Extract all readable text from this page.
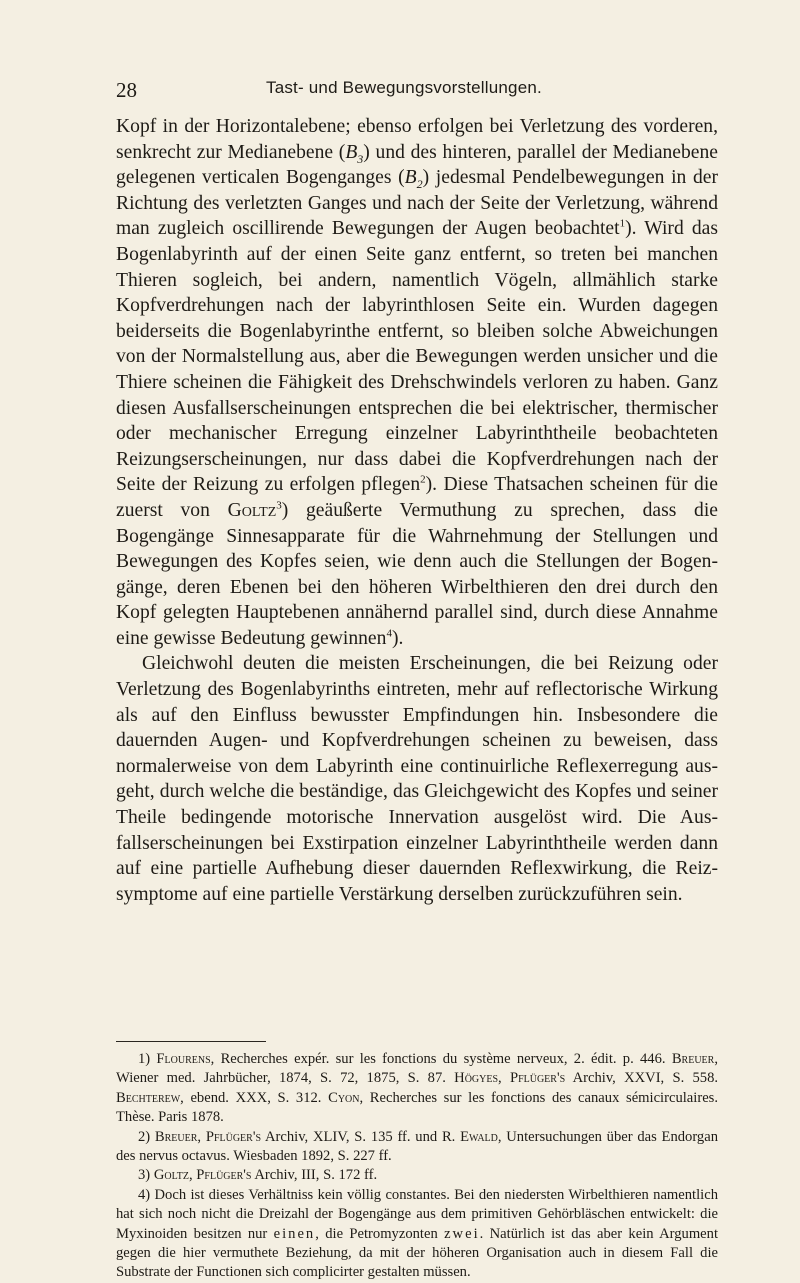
28	Tast- und Bewegungsvorstellungen.

Kopf in der Horizontalebene; ebenso erfolgen bei Verletzung des vorderen, senkrecht zur Medianebene $(B_3)$ und des hinteren, parallel der Medianebene gelegenen verticalen Bogenganges $(B_2)$ jedesmal Pendelbewegungen in der Richtung des verletzten Ganges und nach der Seite der Verletzung, während man zugleich oscillirende Bewegungen der Augen beobachtet$^1$). Wird das Bogenlabyrinth auf der einen Seite ganz entfernt, so treten bei manchen Thieren sogleich, bei andern, namentlich Vögeln, allmählich starke Kopfverdrehungen nach der labyrinthlosen Seite ein. Wurden dagegen beiderseits die Bogenlabyrinthe entfernt, so bleiben solche Abweichungen von der Normalstellung aus, aber die Bewegungen werden unsicher und die Thiere scheinen die Fähigkeit des Drehschwindels verloren zu haben. Ganz diesen Ausfallserscheinungen entsprechen die bei elektrischer, thermischer oder mechanischer Erregung einzelner Labyrinththeile beobachteten Reizungserscheinungen, nur dass dabei die Kopfverdrehungen nach der Seite der Reizung zu erfolgen pflegen$^2$). Diese Thatsachen scheinen für die zuerst von Goltz$^3$) geäußerte Vermuthung zu sprechen, dass die Bogengänge Sinnesapparate für die Wahrnehmung der Stellungen und Bewegungen des Kopfes seien, wie denn auch die Stellungen der Bogengänge, deren Ebenen bei den höheren Wirbelthieren den drei durch den Kopf gelegten Hauptebenen annähernd parallel sind, durch diese Annahme eine gewisse Bedeutung gewinnen$^4$).

Gleichwohl deuten die meisten Erscheinungen, die bei Reizung oder Verletzung des Bogenlabyrinths eintreten, mehr auf reflectorische Wirkung als auf den Einfluss bewusster Empfindungen hin. Insbesondere die dauernden Augen- und Kopfverdrehungen scheinen zu beweisen, dass normalerweise von dem Labyrinth eine continuirliche Reflexerregung ausgeht, durch welche die beständige, das Gleichgewicht des Kopfes und seiner Theile bedingende motorische Innervation ausgelöst wird. Die Ausfallserscheinungen bei Exstirpation einzelner Labyrinththeile werden dann auf eine partielle Aufhebung dieser dauernden Reflexwirkung, die Reizsymptome auf eine partielle Verstärkung derselben zurückzuführen sein.

1) Flourens, Recherches expér. sur les fonctions du système nerveux, 2. édit. p. 446. Breuer, Wiener med. Jahrbücher, 1874, S. 72, 1875, S. 87. Högyes, Pflüger's Archiv, XXVI, S. 558. Bechterew, ebend. XXX, S. 312. Cyon, Recherches sur les fonctions des canaux sémicirculaires. Thèse. Paris 1878.

2) Breuer, Pflüger's Archiv, XLIV, S. 135 ff. und R. Ewald, Untersuchungen über das Endorgan des nervus octavus. Wiesbaden 1892, S. 227 ff.

3) Goltz, Pflüger's Archiv, III, S. 172 ff.

4) Doch ist dieses Verhältniss kein völlig constantes. Bei den niedersten Wirbelthieren namentlich hat sich noch nicht die Dreizahl der Bogengänge aus dem primitiven Gehörbläschen entwickelt: die Myxinoiden besitzen nur einen, die Petromyzonten zwei. Natürlich ist das aber kein Argument gegen die hier vermuthete Beziehung, da mit der höheren Organisation auch in diesem Fall die Substrate der Functionen sich complicirter gestalten müssen.
